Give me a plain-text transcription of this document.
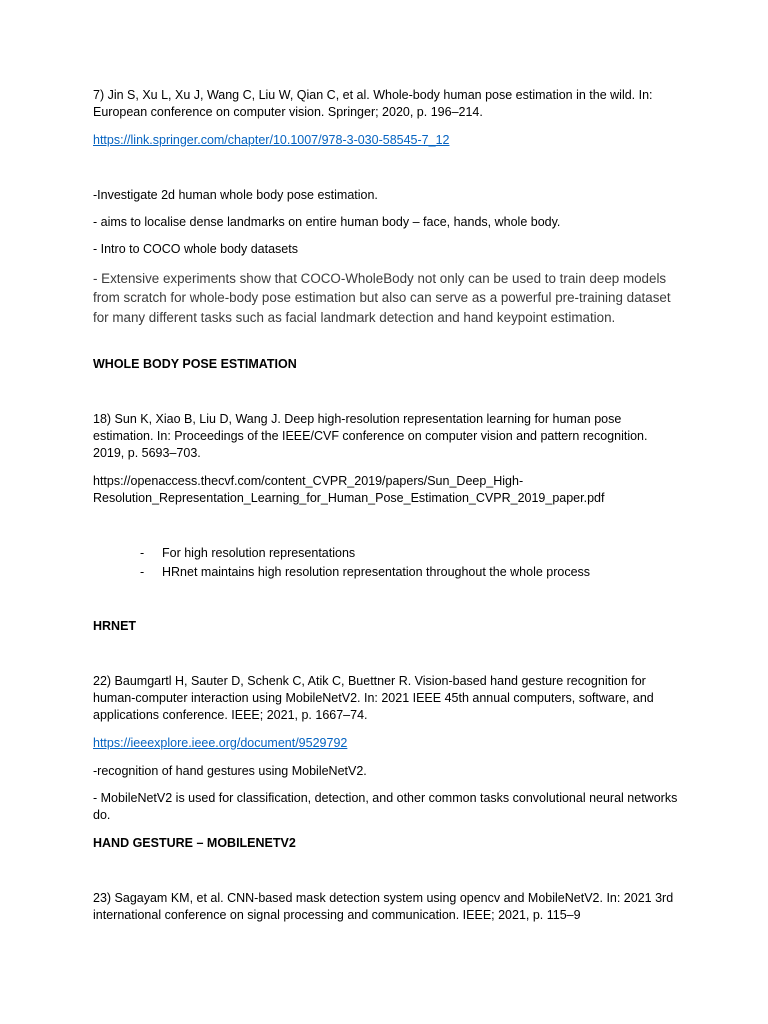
7) Jin S, Xu L, Xu J, Wang C, Liu W, Qian C, et al. Whole-body human pose estimation in the wild. In: European conference on computer vision. Springer; 2020, p. 196–214.

https://link.springer.com/chapter/10.1007/978-3-030-58545-7_12

-Investigate 2d human whole body pose estimation.

- aims to localise dense landmarks on entire human body – face, hands, whole body.

- Intro to COCO whole body datasets

- Extensive experiments show that COCO-WholeBody not only can be used to train deep models from scratch for whole-body pose estimation but also can serve as a powerful pre-training dataset for many different tasks such as facial landmark detection and hand keypoint estimation.

WHOLE BODY POSE ESTIMATION

18) Sun K, Xiao B, Liu D, Wang J. Deep high-resolution representation learning for human pose estimation. In: Proceedings of the IEEE/CVF conference on computer vision and pattern recognition. 2019, p. 5693–703.

https://openaccess.thecvf.com/content_CVPR_2019/papers/Sun_Deep_High-Resolution_Representation_Learning_for_Human_Pose_Estimation_CVPR_2019_paper.pdf

- For high resolution representations
- HRnet maintains high resolution representation throughout the whole process

HRNET

22) Baumgartl H, Sauter D, Schenk C, Atik C, Buettner R. Vision-based hand gesture recognition for human-computer interaction using MobileNetV2. In: 2021 IEEE 45th annual computers, software, and applications conference. IEEE; 2021, p. 1667–74.

https://ieeexplore.ieee.org/document/9529792

-recognition of hand gestures using MobileNetV2.

- MobileNetV2 is used for classification, detection, and other common tasks convolutional neural networks do.

HAND GESTURE – MOBILENETV2

23) Sagayam KM, et al. CNN-based mask detection system using opencv and MobileNetV2. In: 2021 3rd international conference on signal processing and communication. IEEE; 2021, p. 115–9
